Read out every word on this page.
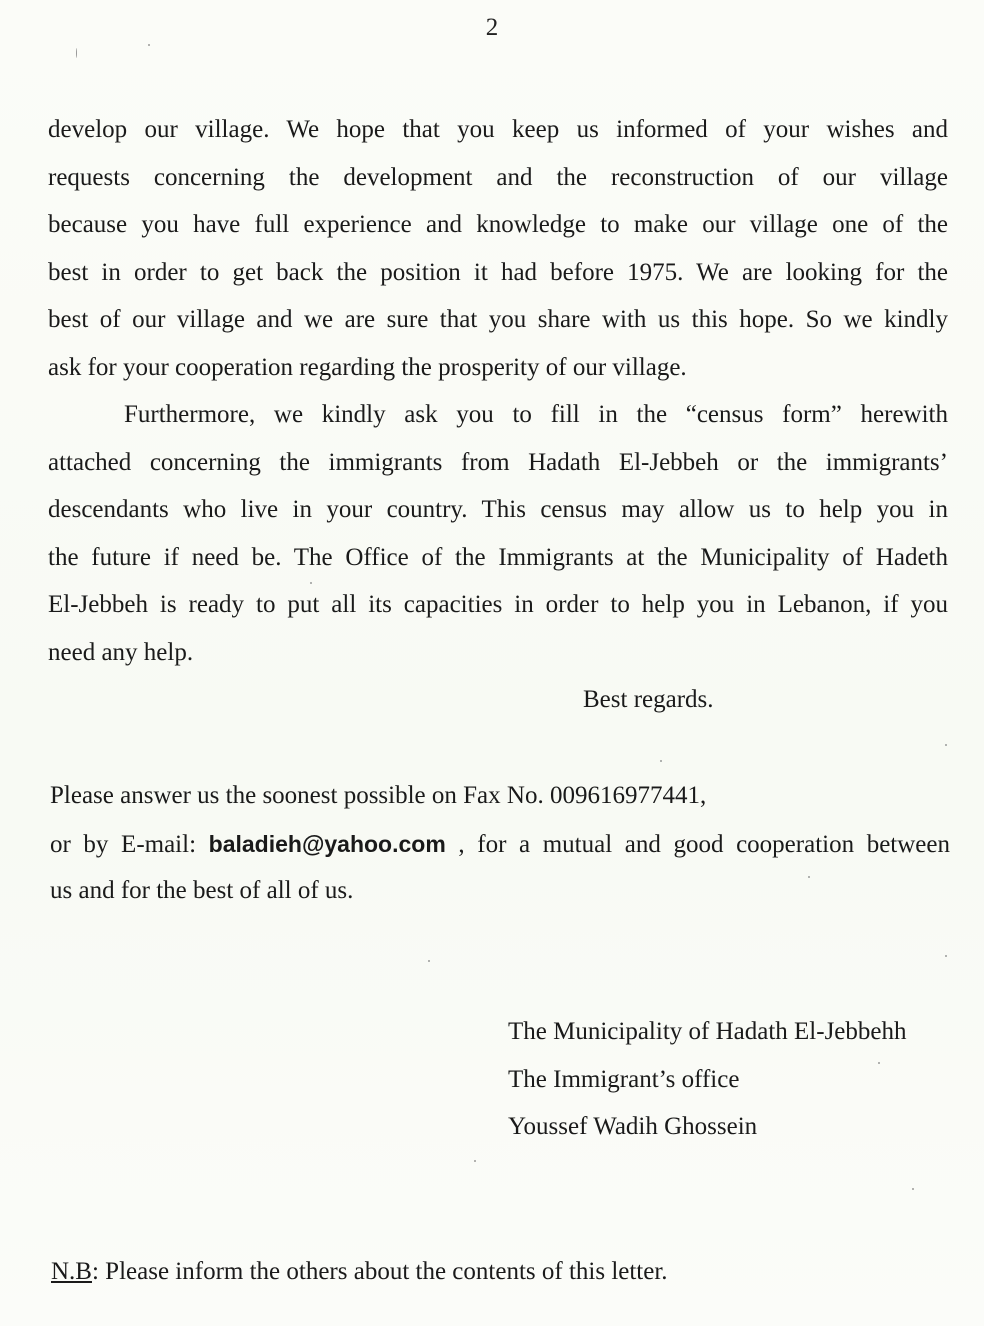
2
develop our village. We hope that you keep us informed of your wishes and
requests concerning the development and the reconstruction of our village
because you have full experience and knowledge to make our village one of the
best in order to get back the position it had before 1975. We are looking for the
best of our village and we are sure that you share with us this hope. So we kindly
ask for your cooperation regarding the prosperity of our village.
Furthermore, we kindly ask you to fill in the “census form” herewith
attached concerning the immigrants from Hadath El-Jebbeh or the immigrants’
descendants who live in your country. This census may allow us to help you in
the future if need be. The Office of the Immigrants at the Municipality of Hadeth
El-Jebbeh is ready to put all its capacities in order to help you in Lebanon, if you
need any help.
Best regards.
Please answer us the soonest possible on Fax No. 009616977441,
or by E-mail: baladieh@yahoo.com , for a mutual and good cooperation between
us and for the best of all of us.
The Municipality of Hadath El-Jebbehh
The Immigrant’s office
Youssef Wadih Ghossein
N.B: Please inform the others about the contents of this letter.
